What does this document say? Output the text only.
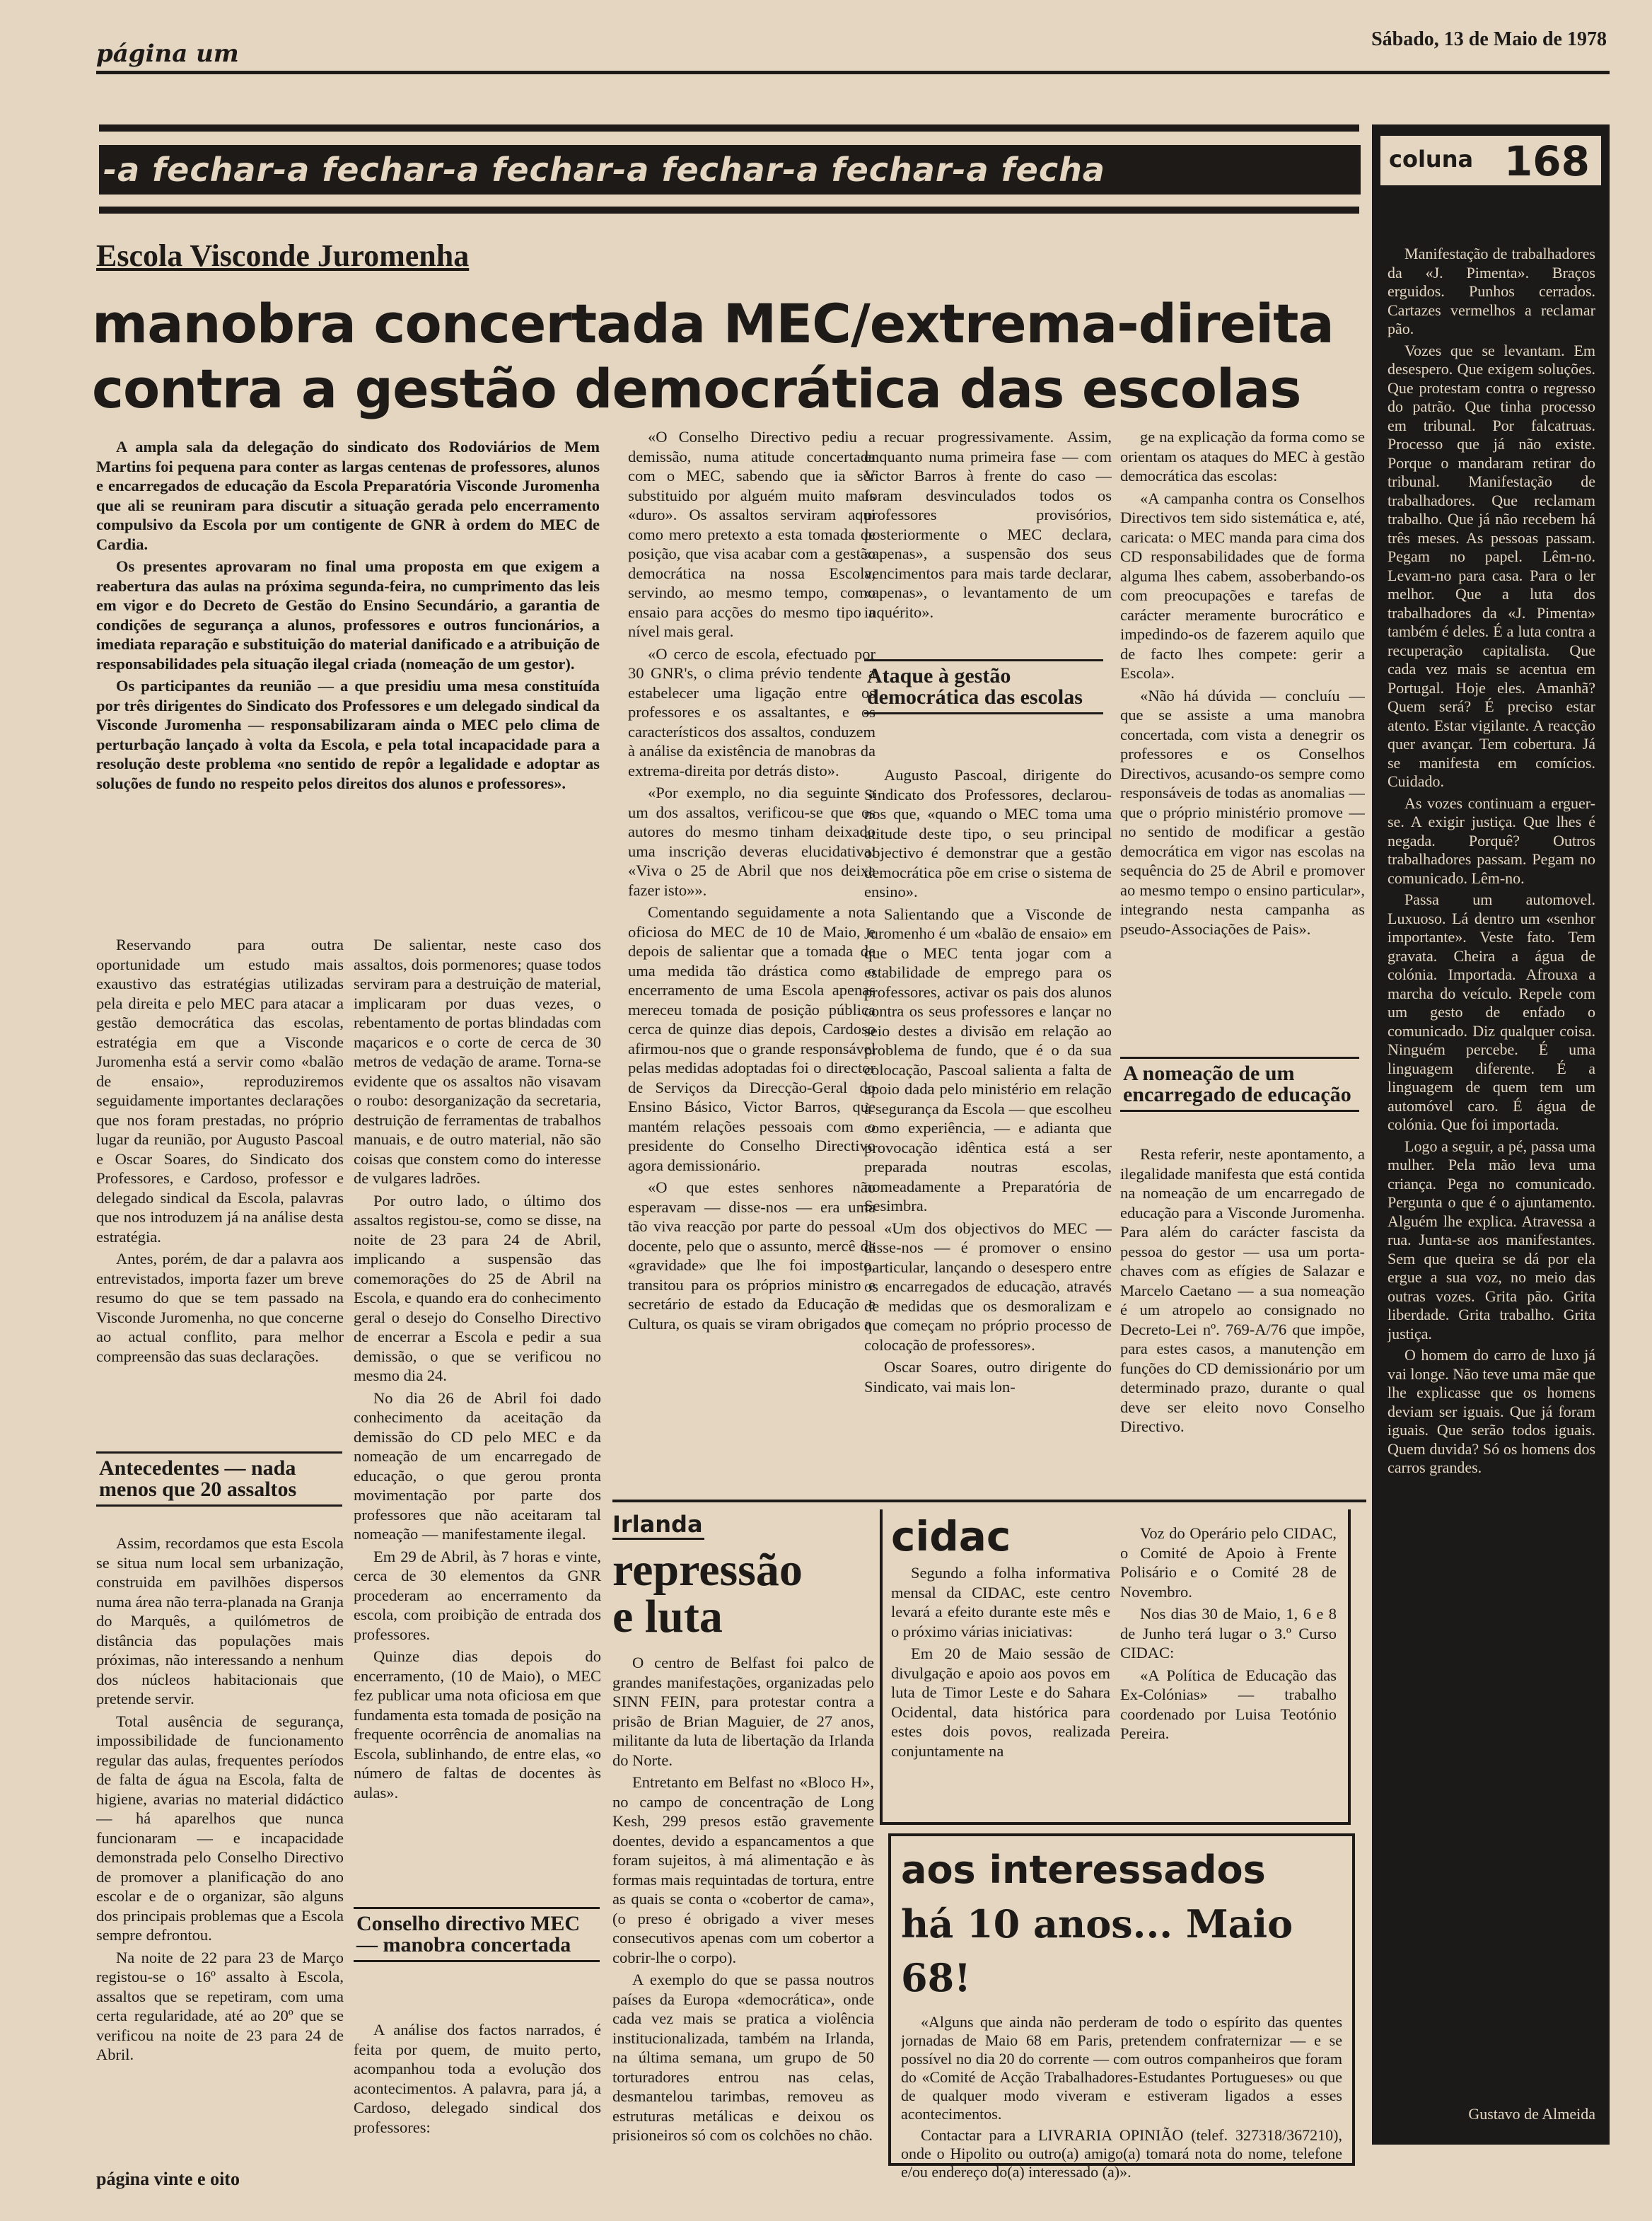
página um
Sábado, 13 de Maio de 1978
-a fechar-a fechar-a fechar-a fechar-a fechar-a fecha
Escola Visconde Juromenha
manobra concertada MEC/extrema-direita
contra a gestão democrática das escolas

A ampla sala da delegação do sindicato dos Rodoviários de Mem Martins foi pequena para conter as largas centenas de professores, alunos e encarregados de educação da Escola Preparatória Visconde Juromenha que ali se reuniram para discutir a situação gerada pelo encerramento compulsivo da Escola por um contigente de GNR à ordem do MEC de Cardia.

Os presentes aprovaram no final uma proposta em que exigem a reabertura das aulas na próxima segunda-feira, no cumprimento das leis em vigor e do Decreto de Gestão do Ensino Secundário, a garantia de condições de segurança a alunos, professores e outros funcionários, a imediata reparação e substituição do material danificado e a atribuição de responsabilidades pela situação ilegal criada (nomeação de um gestor).

Os participantes da reunião — a que presidiu uma mesa constituída por três dirigentes do Sindicato dos Professores e um delegado sindical da Visconde Juromenha — responsabilizaram ainda o MEC pelo clima de perturbação lançado à volta da Escola, e pela total incapacidade para a resolução deste problema «no sentido de repôr a legalidade e adoptar as soluções de fundo no respeito pelos direitos dos alunos e professores».

Reservando para outra oportunidade um estudo mais exaustivo das estratégias utilizadas pela direita e pelo MEC para atacar a gestão democrática das escolas, estratégia em que a Visconde Juromenha está a servir como «balão de ensaio», reproduziremos seguidamente importantes declarações que nos foram prestadas, no próprio lugar da reunião, por Augusto Pascoal e Oscar Soares, do Sindicato dos Professores, e Cardoso, professor e delegado sindical da Escola, palavras que nos introduzem já na análise desta estratégia.

Antes, porém, de dar a palavra aos entrevistados, importa fazer um breve resumo do que se tem passado na Visconde Juromenha, no que concerne ao actual conflito, para melhor compreensão das suas declarações.

Antecedentes — nada menos que 20 assaltos

Assim, recordamos que esta Escola se situa num local sem urbanização, construida em pavilhões dispersos numa área não terra-planada na Granja do Marquês, a quilómetros de distância das populações mais próximas, não interessando a nenhum dos núcleos habitacionais que pretende servir.

Total ausência de segurança, impossibilidade de funcionamento regular das aulas, frequentes períodos de falta de água na Escola, falta de higiene, avarias no material didáctico — há aparelhos que nunca funcionaram — e incapacidade demonstrada pelo Conselho Directivo de promover a planificação do ano escolar e de o organizar, são alguns dos principais problemas que a Escola sempre defrontou.

Na noite de 22 para 23 de Março registou-se o 16º assalto à Escola, assaltos que se repetiram, com uma certa regularidade, até ao 20º que se verificou na noite de 23 para 24 de Abril.

página vinte e oito

De salientar, neste caso dos assaltos, dois pormenores; quase todos serviram para a destruição de material, implicaram por duas vezes, o rebentamento de portas blindadas com maçaricos e o corte de cerca de 30 metros de vedação de arame. Torna-se evidente que os assaltos não visavam o roubo: desorganização da secretaria, destruição de ferramentas de trabalhos manuais, e de outro material, não são coisas que constem como do interesse de vulgares ladrões.

Por outro lado, o último dos assaltos registou-se, como se disse, na noite de 23 para 24 de Abril, implicando a suspensão das comemorações do 25 de Abril na Escola, e quando era do conhecimento geral o desejo do Conselho Directivo de encerrar a Escola e pedir a sua demissão, o que se verificou no mesmo dia 24.

No dia 26 de Abril foi dado conhecimento da aceitação da demissão do CD pelo MEC e da nomeação de um encarregado de educação, o que gerou pronta movimentação por parte dos professores que não aceitaram tal nomeação — manifestamente ilegal.

Em 29 de Abril, às 7 horas e vinte, cerca de 30 elementos da GNR procederam ao encerramento da escola, com proibição de entrada dos professores.

Quinze dias depois do encerramento, (10 de Maio), o MEC fez publicar uma nota oficiosa em que fundamenta esta tomada de posição na frequente ocorrência de anomalias na Escola, sublinhando, de entre elas, «o número de faltas de docentes às aulas».

Conselho directivo MEC — manobra concertada

A análise dos factos narrados, é feita por quem, de muito perto, acompanhou toda a evolução dos acontecimentos. A palavra, para já, a Cardoso, delegado sindical dos professores:

«O Conselho Directivo pediu a demissão, numa atitude concertada com o MEC, sabendo que ia ser substituido por alguém muito mais «duro». Os assaltos serviram aqui como mero pretexto a esta tomada de posição, que visa acabar com a gestão democrática na nossa Escola, servindo, ao mesmo tempo, como ensaio para acções do mesmo tipo a nível mais geral.

«O cerco de escola, efectuado por 30 GNR's, o clima prévio tendente a estabelecer uma ligação entre os professores e os assaltantes, e os característicos dos assaltos, conduzem à análise da existência de manobras da extrema-direita por detrás disto».

«Por exemplo, no dia seguinte a um dos assaltos, verificou-se que os autores do mesmo tinham deixado uma inscrição deveras elucidativa: «Viva o 25 de Abril que nos deixa fazer isto»».

Comentando seguidamente a nota oficiosa do MEC de 10 de Maio, e depois de salientar que a tomada de uma medida tão drástica como o encerramento de uma Escola apenas mereceu tomada de posição pública cerca de quinze dias depois, Cardoso afirmou-nos que o grande responsável pelas medidas adoptadas foi o director de Serviços da Direcção-Geral do Ensino Básico, Victor Barros, que mantém relações pessoais com o presidente do Conselho Directivo agora demissionário.

«O que estes senhores não esperavam — disse-nos — era uma tão viva reacção por parte do pessoal docente, pelo que o assunto, mercê da «gravidade» que lhe foi imposto, transitou para os próprios ministro e secretário de estado da Educação e Cultura, os quais se viram obrigados a

recuar progressivamente. Assim, enquanto numa primeira fase — com Victor Barros à frente do caso — foram desvinculados todos os professores provisórios, posteriormente o MEC declara, «apenas», a suspensão dos seus vencimentos para mais tarde declarar, «apenas», o levantamento de um inquérito».

Ataque à gestão democrática das escolas

Augusto Pascoal, dirigente do Sindicato dos Professores, declarou-nos que, «quando o MEC toma uma atitude deste tipo, o seu principal objectivo é demonstrar que a gestão democrática põe em crise o sistema de ensino».

Salientando que a Visconde de Juromenho é um «balão de ensaio» em que o MEC tenta jogar com a estabilidade de emprego para os professores, activar os pais dos alunos contra os seus professores e lançar no seio destes a divisão em relação ao problema de fundo, que é o da sua colocação, Pascoal salienta a falta de apoio dada pelo ministério em relação à segurança da Escola — que escolheu como experiência, — e adianta que provocação idêntica está a ser preparada noutras escolas, nomeadamente a Preparatória de Sesimbra.

«Um dos objectivos do MEC — disse-nos — é promover o ensino particular, lançando o desespero entre os encarregados de educação, através de medidas que os desmoralizam e que começam no próprio processo de colocação de professores».

Oscar Soares, outro dirigente do Sindicato, vai mais lon-

ge na explicação da forma como se orientam os ataques do MEC à gestão democrática das escolas:

«A campanha contra os Conselhos Directivos tem sido sistemática e, até, caricata: o MEC manda para cima dos CD responsabilidades que de forma alguma lhes cabem, assoberbando-os com preocupações e tarefas de carácter meramente burocrático e impedindo-os de fazerem aquilo que de facto lhes compete: gerir a Escola».

«Não há dúvida — concluíu — que se assiste a uma manobra concertada, com vista a denegrir os professores e os Conselhos Directivos, acusando-os sempre como responsáveis de todas as anomalias — que o próprio ministério promove — no sentido de modificar a gestão democrática em vigor nas escolas na sequência do 25 de Abril e promover ao mesmo tempo o ensino particular», integrando nesta campanha as pseudo-Associações de Pais».

A nomeação de um encarregado de educação

Resta referir, neste apontamento, a ilegalidade manifesta que está contida na nomeação de um encarregado de educação para a Visconde Juromenha. Para além do carácter fascista da pessoa do gestor — usa um porta-chaves com as efígies de Salazar e Marcelo Caetano — a sua nomeação é um atropelo ao consignado no Decreto-Lei nº. 769-A/76 que impõe, para estes casos, a manutenção em funções do CD demissionário por um determinado prazo, durante o qual deve ser eleito novo Conselho Directivo.

Irlanda
repressão
e luta

O centro de Belfast foi palco de grandes manifestações, organizadas pelo SINN FEIN, para protestar contra a prisão de Brian Maguier, de 27 anos, militante da luta de libertação da Irlanda do Norte.

Entretanto em Belfast no «Bloco H», no campo de concentração de Long Kesh, 299 presos estão gravemente doentes, devido a espancamentos a que foram sujeitos, à má alimentação e às formas mais requintadas de tortura, entre as quais se conta o «cobertor de cama», (o preso é obrigado a viver meses consecutivos apenas com um cobertor a cobrir-lhe o corpo).

A exemplo do que se passa noutros países da Europa «democrática», onde cada vez mais se pratica a violência institucionalizada, também na Irlanda, na última semana, um grupo de 50 torturadores entrou nas celas, desmantelou tarimbas, removeu as estruturas metálicas e deixou os prisioneiros só com os colchões no chão.

cidac

Segundo a folha informativa mensal da CIDAC, este centro levará a efeito durante este mês e o próximo várias iniciativas:

Em 20 de Maio sessão de divulgação e apoio aos povos em luta de Timor Leste e do Sahara Ocidental, data histórica para estes dois povos, realizada conjuntamente na

Voz do Operário pelo CIDAC, o Comité de Apoio à Frente Polisário e o Comité 28 de Novembro.

Nos dias 30 de Maio, 1, 6 e 8 de Junho terá lugar o 3.º Curso CIDAC:

«A Política de Educação das Ex-Colónias» — trabalho coordenado por Luisa Teotónio Pereira.

aos interessados
há 10 anos... Maio 68!

«Alguns que ainda não perderam de todo o espírito das quentes jornadas de Maio 68 em Paris, pretendem confraternizar — e se possível no dia 20 do corrente — com outros companheiros que foram do «Comité de Acção Trabalhadores-Estudantes Portugueses» ou que de qualquer modo viveram e estiveram ligados a esses acontecimentos.

Contactar para a LIVRARIA OPINIÃO (telef. 327318/367210), onde o Hipolito ou outro(a) amigo(a) tomará nota do nome, telefone e/ou endereço do(a) interessado (a)».

coluna 168

Manifestação de trabalhadores da «J. Pimenta». Braços erguidos. Punhos cerrados. Cartazes vermelhos a reclamar pão.

Vozes que se levantam. Em desespero. Que exigem soluções. Que protestam contra o regresso do patrão. Que tinha processo em tribunal. Por falcatruas. Processo que já não existe. Porque o mandaram retirar do tribunal. Manifestação de trabalhadores. Que reclamam trabalho. Que já não recebem há três meses. As pessoas passam. Pegam no papel. Lêm-no. Levam-no para casa. Para o ler melhor. Que a luta dos trabalhadores da «J. Pimenta» também é deles. É a luta contra a recuperação capitalista. Que cada vez mais se acentua em Portugal. Hoje eles. Amanhã? Quem será? É preciso estar atento. Estar vigilante. A reacção quer avançar. Tem cobertura. Já se manifesta em comícios. Cuidado.

As vozes continuam a erguer-se. A exigir justiça. Que lhes é negada. Porquê? Outros trabalhadores passam. Pegam no comunicado. Lêm-no.

Passa um automovel. Luxuoso. Lá dentro um «senhor importante». Veste fato. Tem gravata. Cheira a água de colónia. Importada. Afrouxa a marcha do veículo. Repele com um gesto de enfado o comunicado. Diz qualquer coisa. Ninguém percebe. É uma linguagem diferente. É a linguagem de quem tem um automóvel caro. É água de colónia. Que foi importada.

Logo a seguir, a pé, passa uma mulher. Pela mão leva uma criança. Pega no comunicado. Pergunta o que é o ajuntamento. Alguém lhe explica. Atravessa a rua. Junta-se aos manifestantes. Sem que queira se dá por ela ergue a sua voz, no meio das outras vozes. Grita pão. Grita liberdade. Grita trabalho. Grita justiça.

O homem do carro de luxo já vai longe. Não teve uma mãe que lhe explicasse que os homens deviam ser iguais. Que já foram iguais. Que serão todos iguais. Quem duvida? Só os homens dos carros grandes.

Gustavo de Almeida
